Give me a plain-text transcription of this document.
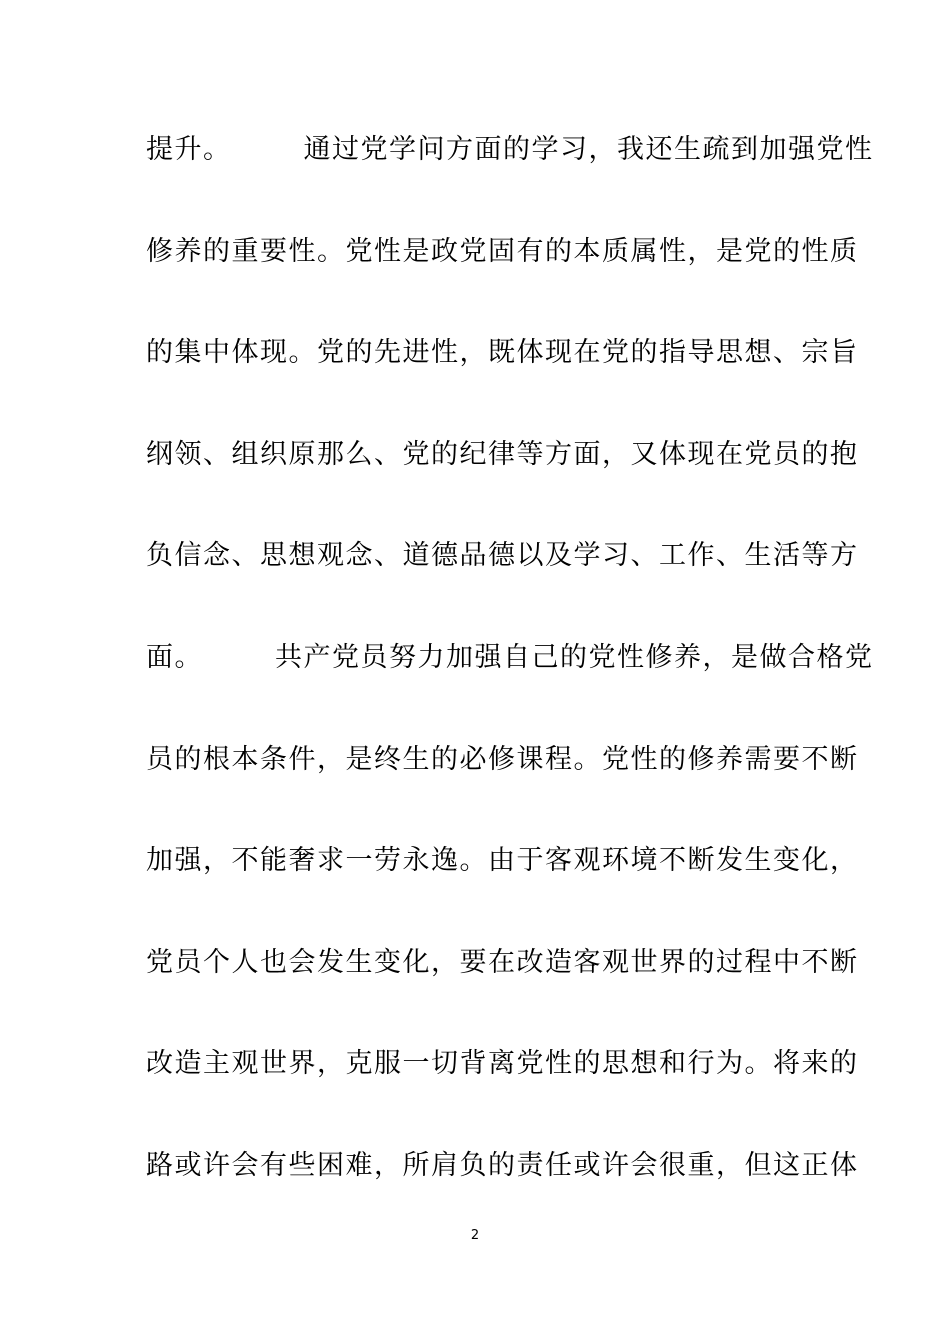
提升。　　　通过党学问方面的学习，我还生疏到加强党性
修养的重要性。党性是政党固有的本质属性，是党的性质
的集中体现。党的先进性，既体现在党的指导思想、宗旨
纲领、组织原那么、党的纪律等方面，又体现在党员的抱
负信念、思想观念、道德品德以及学习、工作、生活等方
面。　　　共产党员努力加强自己的党性修养，是做合格党
员的根本条件，是终生的必修课程。党性的修养需要不断
加强，不能奢求一劳永逸。由于客观环境不断发生变化，
党员个人也会发生变化，要在改造客观世界的过程中不断
改造主观世界，克服一切背离党性的思想和行为。将来的
路或许会有些困难，所肩负的责任或许会很重，但这正体
2
